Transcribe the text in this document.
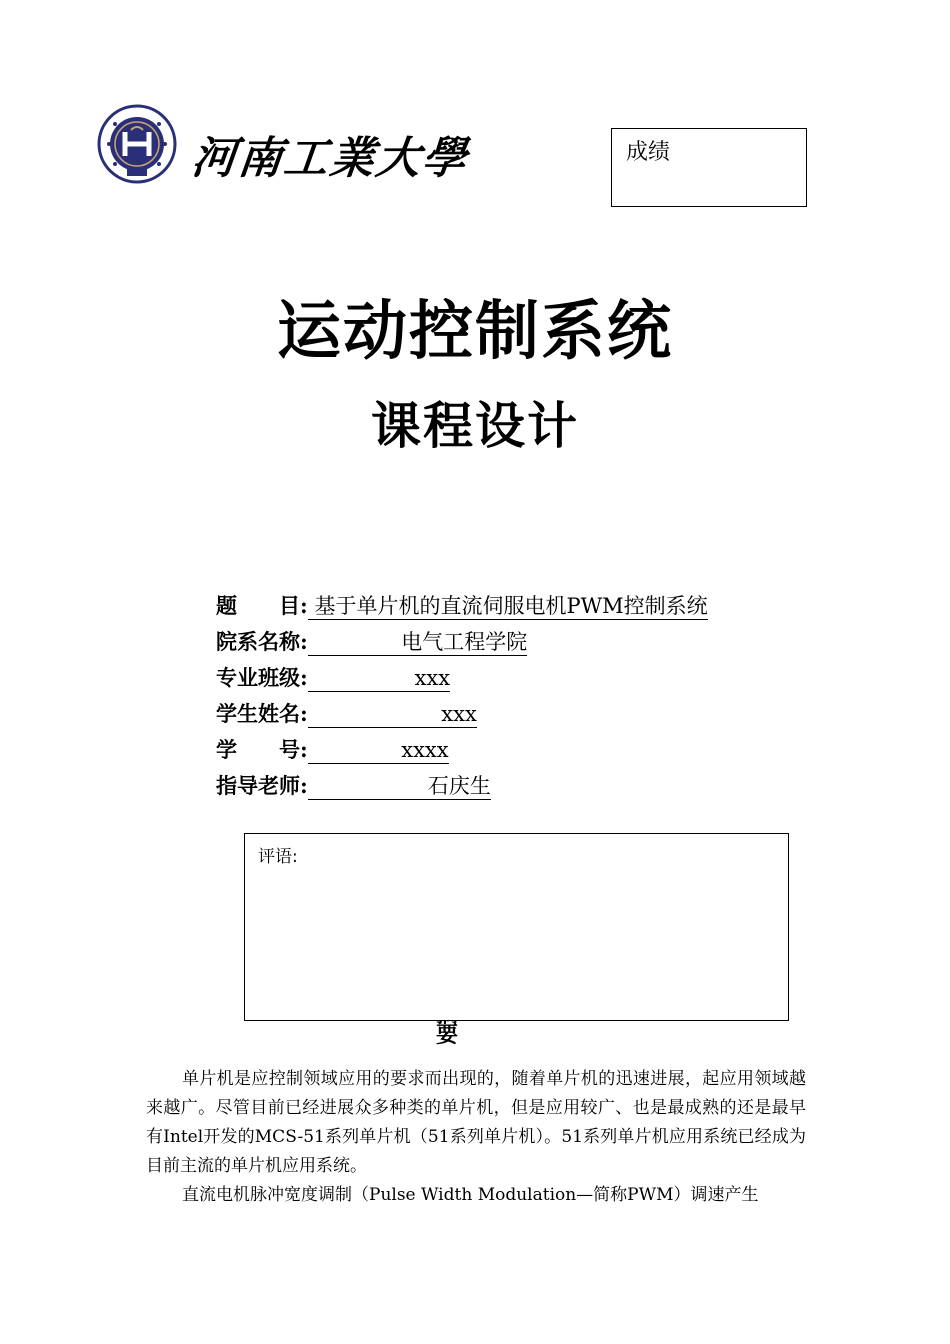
河南工業大學	成绩
运动控制系统
课程设计
题　　目: 基于单片机的直流伺服电机PWM控制系统
院系名称:              电气工程学院
专业班级:                xxx
学生姓名:                    xxx
学　　号:              xxxx
指导老师:                  石庆生
　要
评语:

单片机是应控制领域应用的要求而出现的，随着单片机的迅速进展，起应用领域越来越广。尽管目前已经进展众多种类的单片机，但是应用较广、也是最成熟的还是最早有Intel开发的MCS-51系列单片机（51系列单片机）。51系列单片机应用系统已经成为目前主流的单片机应用系统。

直流电机脉冲宽度调制（Pulse Width Modulation—简称PWM）调速产生
